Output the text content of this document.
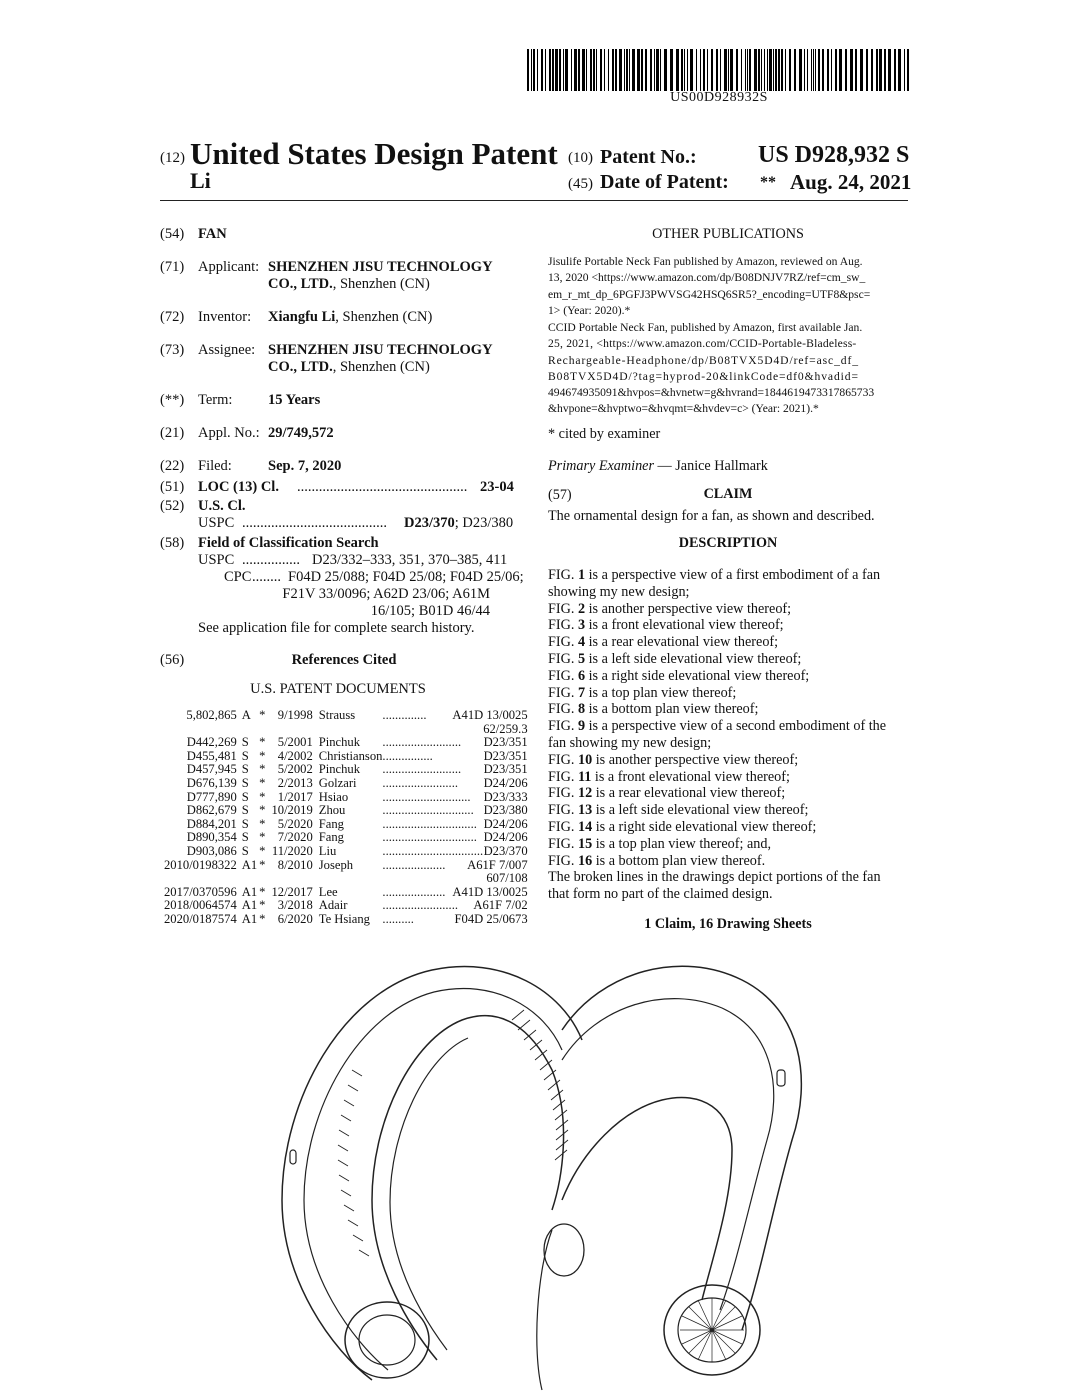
US00D928932S
(12) United States Design Patent
Li
(10) Patent No.:	US D928,932 S
(45) Date of Patent: ** Aug. 24, 2021
(54) FAN
(71) Applicant: SHENZHEN JISU TECHNOLOGY
CO., LTD., Shenzhen (CN)
(72) Inventor: Xiangfu Li, Shenzhen (CN)
(73) Assignee: SHENZHEN JISU TECHNOLOGY
CO., LTD., Shenzhen (CN)
(**) Term: 15 Years
(21) Appl. No.: 29/749,572
(22) Filed: Sep. 7, 2020
(51) LOC (13) Cl. ............................................... 23-04
(52) U.S. Cl.
USPC ........................................	D23/370; D23/380
(58) Field of Classification Search
USPC ................ D23/332–333, 351, 370–385, 411
CPC ........ F04D 25/088; F04D 25/08; F04D 25/06;
F21V 33/0096; A62D 23/06; A61M
16/105; B01D 46/44
See application file for complete search history.
(56)	References Cited
U.S. PATENT DOCUMENTS
5,802,865	A	*	9/1998	Strauss	..............	A41D 13/0025
62/259.3						
D442,269	S	*	5/2001	Pinchuk	.........................	D23/351
D455,481	S	*	4/2002	Christianson	................	D23/351
D457,945	S	*	5/2002	Pinchuk	.........................	D23/351
D676,139	S	*	2/2013	Golzari	........................	D24/206
D777,890	S	*	1/2017	Hsiao	............................	D23/333
D862,679	S	*	10/2019	Zhou	.............................	D23/380
D884,201	S	*	5/2020	Fang	..............................	D24/206
D890,354	S	*	7/2020	Fang	..............................	D24/206
D903,086	S	*	11/2020	Liu	................................	D23/370
2010/0198322	A1	*	8/2010	Joseph	....................	A61F 7/007
607/108						
2017/0370596	A1	*	12/2017	Lee	....................	A41D 13/0025
2018/0064574	A1	*	3/2018	Adair	........................	A61F 7/02
2020/0187574	A1	*	6/2020	Te Hsiang	..........	F04D 25/0673
OTHER PUBLICATIONS
Jisulife Portable Neck Fan published by Amazon, reviewed on Aug.
13, 2020 <https://www.amazon.com/dp/B08DNJV7RZ/ref=cm_sw_
em_r_mt_dp_6PGFJ3PWVSG42HSQ6SR5?_encoding=UTF8&psc=
1> (Year: 2020).*
CCID Portable Neck Fan, published by Amazon, first available Jan.
25, 2021, <https://www.amazon.com/CCID-Portable-Bladeless-
Rechargeable-Headphone/dp/B08TVX5D4D/ref=asc_df_
B08TVX5D4D/?tag=hyprod-20&linkCode=df0&hvadid=
494674935091&hvpos=&hvnetw=g&hvrand=1844619473317865733
&hvpone=&hvptwo=&hvqmt=&hvdev=c> (Year: 2021).*
* cited by examiner
Primary Examiner — Janice Hallmark
(57)	CLAIM
The ornamental design for a fan, as shown and described.
DESCRIPTION

FIG. 1 is a perspective view of a first embodiment of a fan

showing my new design;

FIG. 2 is another perspective view thereof;

FIG. 3 is a front elevational view thereof;

FIG. 4 is a rear elevational view thereof;

FIG. 5 is a left side elevational view thereof;

FIG. 6 is a right side elevational view thereof;

FIG. 7 is a top plan view thereof;

FIG. 8 is a bottom plan view thereof;

FIG. 9 is a perspective view of a second embodiment of the

fan showing my new design;

FIG. 10 is another perspective view thereof;

FIG. 11 is a front elevational view thereof;

FIG. 12 is a rear elevational view thereof;

FIG. 13 is a left side elevational view thereof;

FIG. 14 is a right side elevational view thereof;

FIG. 15 is a top plan view thereof; and,

FIG. 16 is a bottom plan view thereof.

The broken lines in the drawings depict portions of the fan

that form no part of the claimed design.

1 Claim, 16 Drawing Sheets
